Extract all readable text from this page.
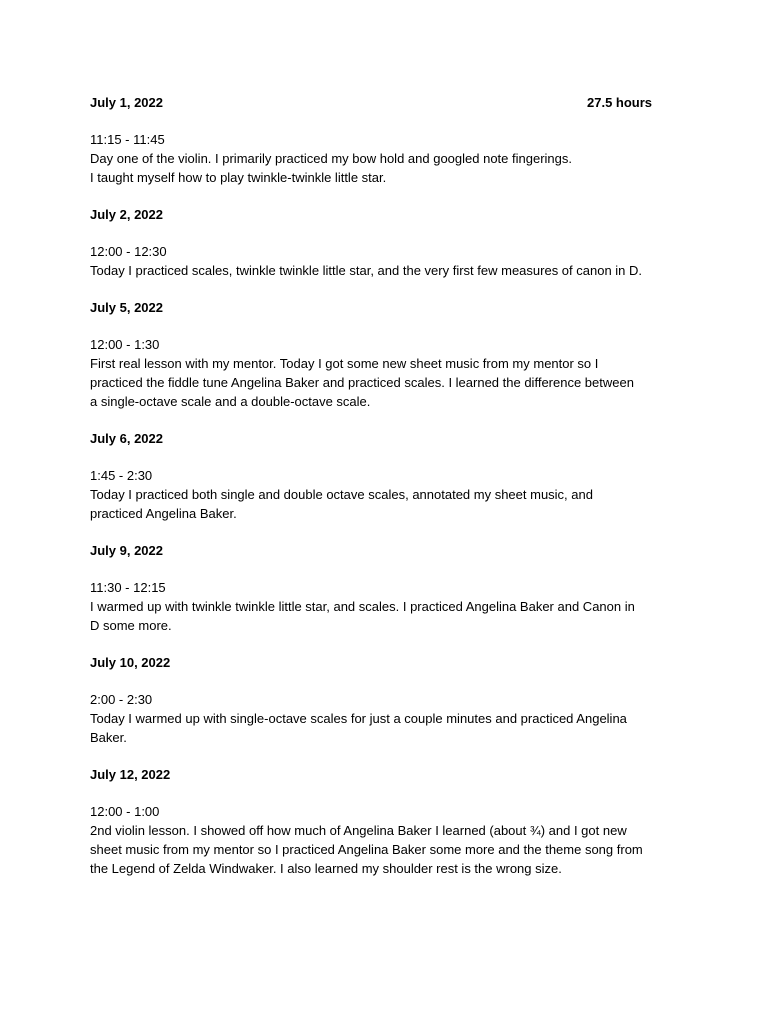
July 1, 2022	27.5 hours

11:15 - 11:45

Day one of the violin. I primarily practiced my bow hold and googled note fingerings.
I taught myself how to play twinkle-twinkle little star.

July 2, 2022

12:00 - 12:30

Today I practiced scales, twinkle twinkle little star, and the very first few measures of canon in D.

July 5, 2022

12:00 - 1:30

First real lesson with my mentor. Today I got some new sheet music from my mentor so I
practiced the fiddle tune Angelina Baker and practiced scales. I learned the difference between
a single-octave scale and a double-octave scale.

July 6, 2022

1:45 - 2:30

Today I practiced both single and double octave scales, annotated my sheet music, and
practiced Angelina Baker.

July 9, 2022

11:30 - 12:15

I warmed up with twinkle twinkle little star, and scales. I practiced Angelina Baker and Canon in
D some more.

July 10, 2022

2:00 - 2:30

Today I warmed up with single-octave scales for just a couple minutes and practiced Angelina
Baker.

July 12, 2022

12:00 - 1:00

2nd violin lesson. I showed off how much of Angelina Baker I learned (about ¾) and I got new
sheet music from my mentor so I practiced Angelina Baker some more and the theme song from
the Legend of Zelda Windwaker. I also learned my shoulder rest is the wrong size.
